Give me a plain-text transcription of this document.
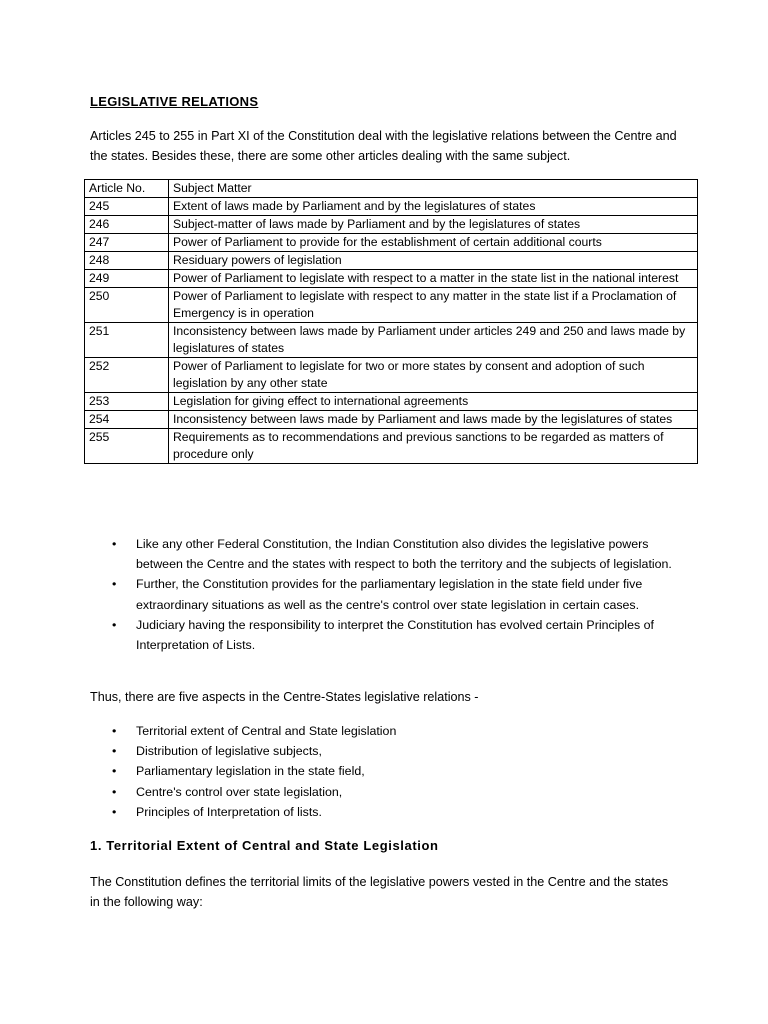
LEGISLATIVE RELATIONS

Articles 245 to 255 in Part XI of the Constitution deal with the legislative relations between the Centre and the states. Besides these, there are some other articles dealing with the same subject.

Article No.	Subject Matter
245	Extent of laws made by Parliament and by the legislatures of states
246	Subject-matter of laws made by Parliament and by the legislatures of states
247	Power of Parliament to provide for the establishment of certain additional courts
248	Residuary powers of legislation
249	Power of Parliament to legislate with respect to a matter in the state list in the national interest
250	Power of Parliament to legislate with respect to any matter in the state list if a Proclamation of Emergency is in operation
251	Inconsistency between laws made by Parliament under articles 249 and 250 and laws made by legislatures of states
252	Power of Parliament to legislate for two or more states by consent and adoption of such legislation by any other state
253	Legislation for giving effect to international agreements
254	Inconsistency between laws made by Parliament and laws made by the legislatures of states
255	Requirements as to recommendations and previous sanctions to be regarded as matters of procedure only
• Like any other Federal Constitution, the Indian Constitution also divides the legislative powers between the Centre and the states with respect to both the territory and the subjects of legislation.
• Further, the Constitution provides for the parliamentary legislation in the state field under five extraordinary situations as well as the centre's control over state legislation in certain cases.
• Judiciary having the responsibility to interpret the Constitution has evolved certain Principles of Interpretation of Lists.

Thus, there are five aspects in the Centre-States legislative relations -

• Territorial extent of Central and State legislation
• Distribution of legislative subjects,
• Parliamentary legislation in the state field,
• Centre's control over state legislation,
• Principles of Interpretation of lists.
1. Territorial Extent of Central and State Legislation

The Constitution defines the territorial limits of the legislative powers vested in the Centre and the states in the following way:
